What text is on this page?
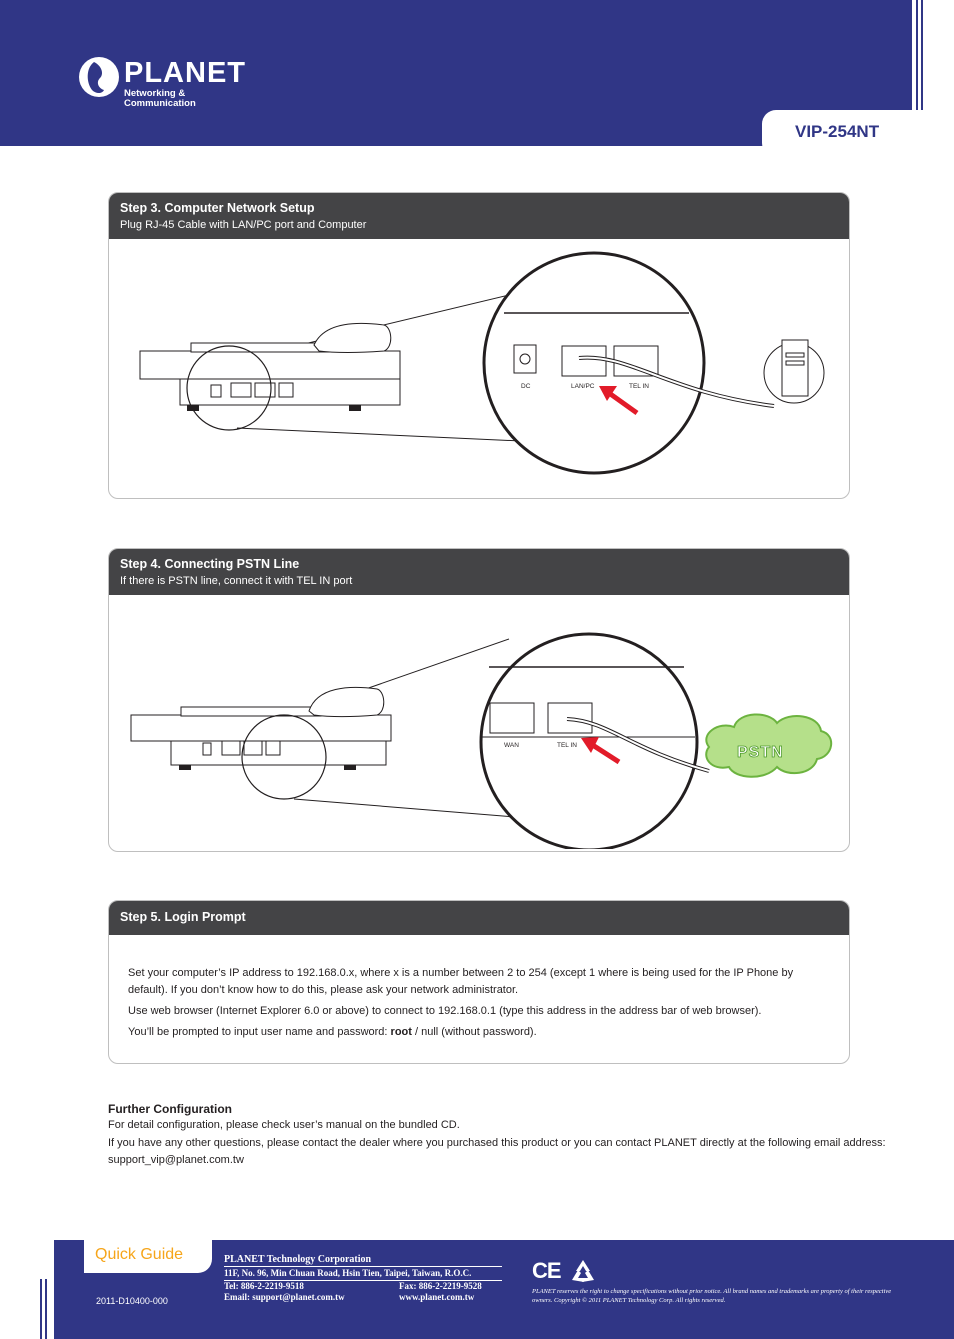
PLANET
Networking & Communication
VIP-254NT
Step 3. Computer Network Setup
Plug RJ-45 Cable with LAN/PC port and Computer
DC	LAN/PC	TEL IN
Step 4. Connecting PSTN Line
If there is PSTN line, connect it with TEL IN port
WAN	TEL IN	PSTN
Step 5. Login Prompt

Set your computer’s IP address to 192.168.0.x, where x is a number between 2 to 254 (except 1 where is being used for the IP Phone by default). If you don’t know how to do this, please ask your network administrator.

Use web browser (Internet Explorer 6.0 or above) to connect to 192.168.0.1 (type this address in the address bar of web browser).

You’ll be prompted to input user name and password: root / null (without password).

Further Configuration
For detail configuration, please check user’s manual on the bundled CD.
If you have any other questions, please contact the dealer where you purchased this product or you can contact PLANET directly at the following email address: support_vip@planet.com.tw
Quick Guide
2011-D10400-000
PLANET Technology Corporation
11F, No. 96, Min Chuan Road, Hsin Tien, Taipei, Taiwan, R.O.C.
Tel: 886-2-2219-9518	Fax: 886-2-2219-9528
Email: support@planet.com.tw	www.planet.com.tw
CE
PLANET reserves the right to change specifications without prior notice. All brand names and trademarks are property of their respective owners. Copyright © 2011 PLANET Technology Corp. All rights reserved.
